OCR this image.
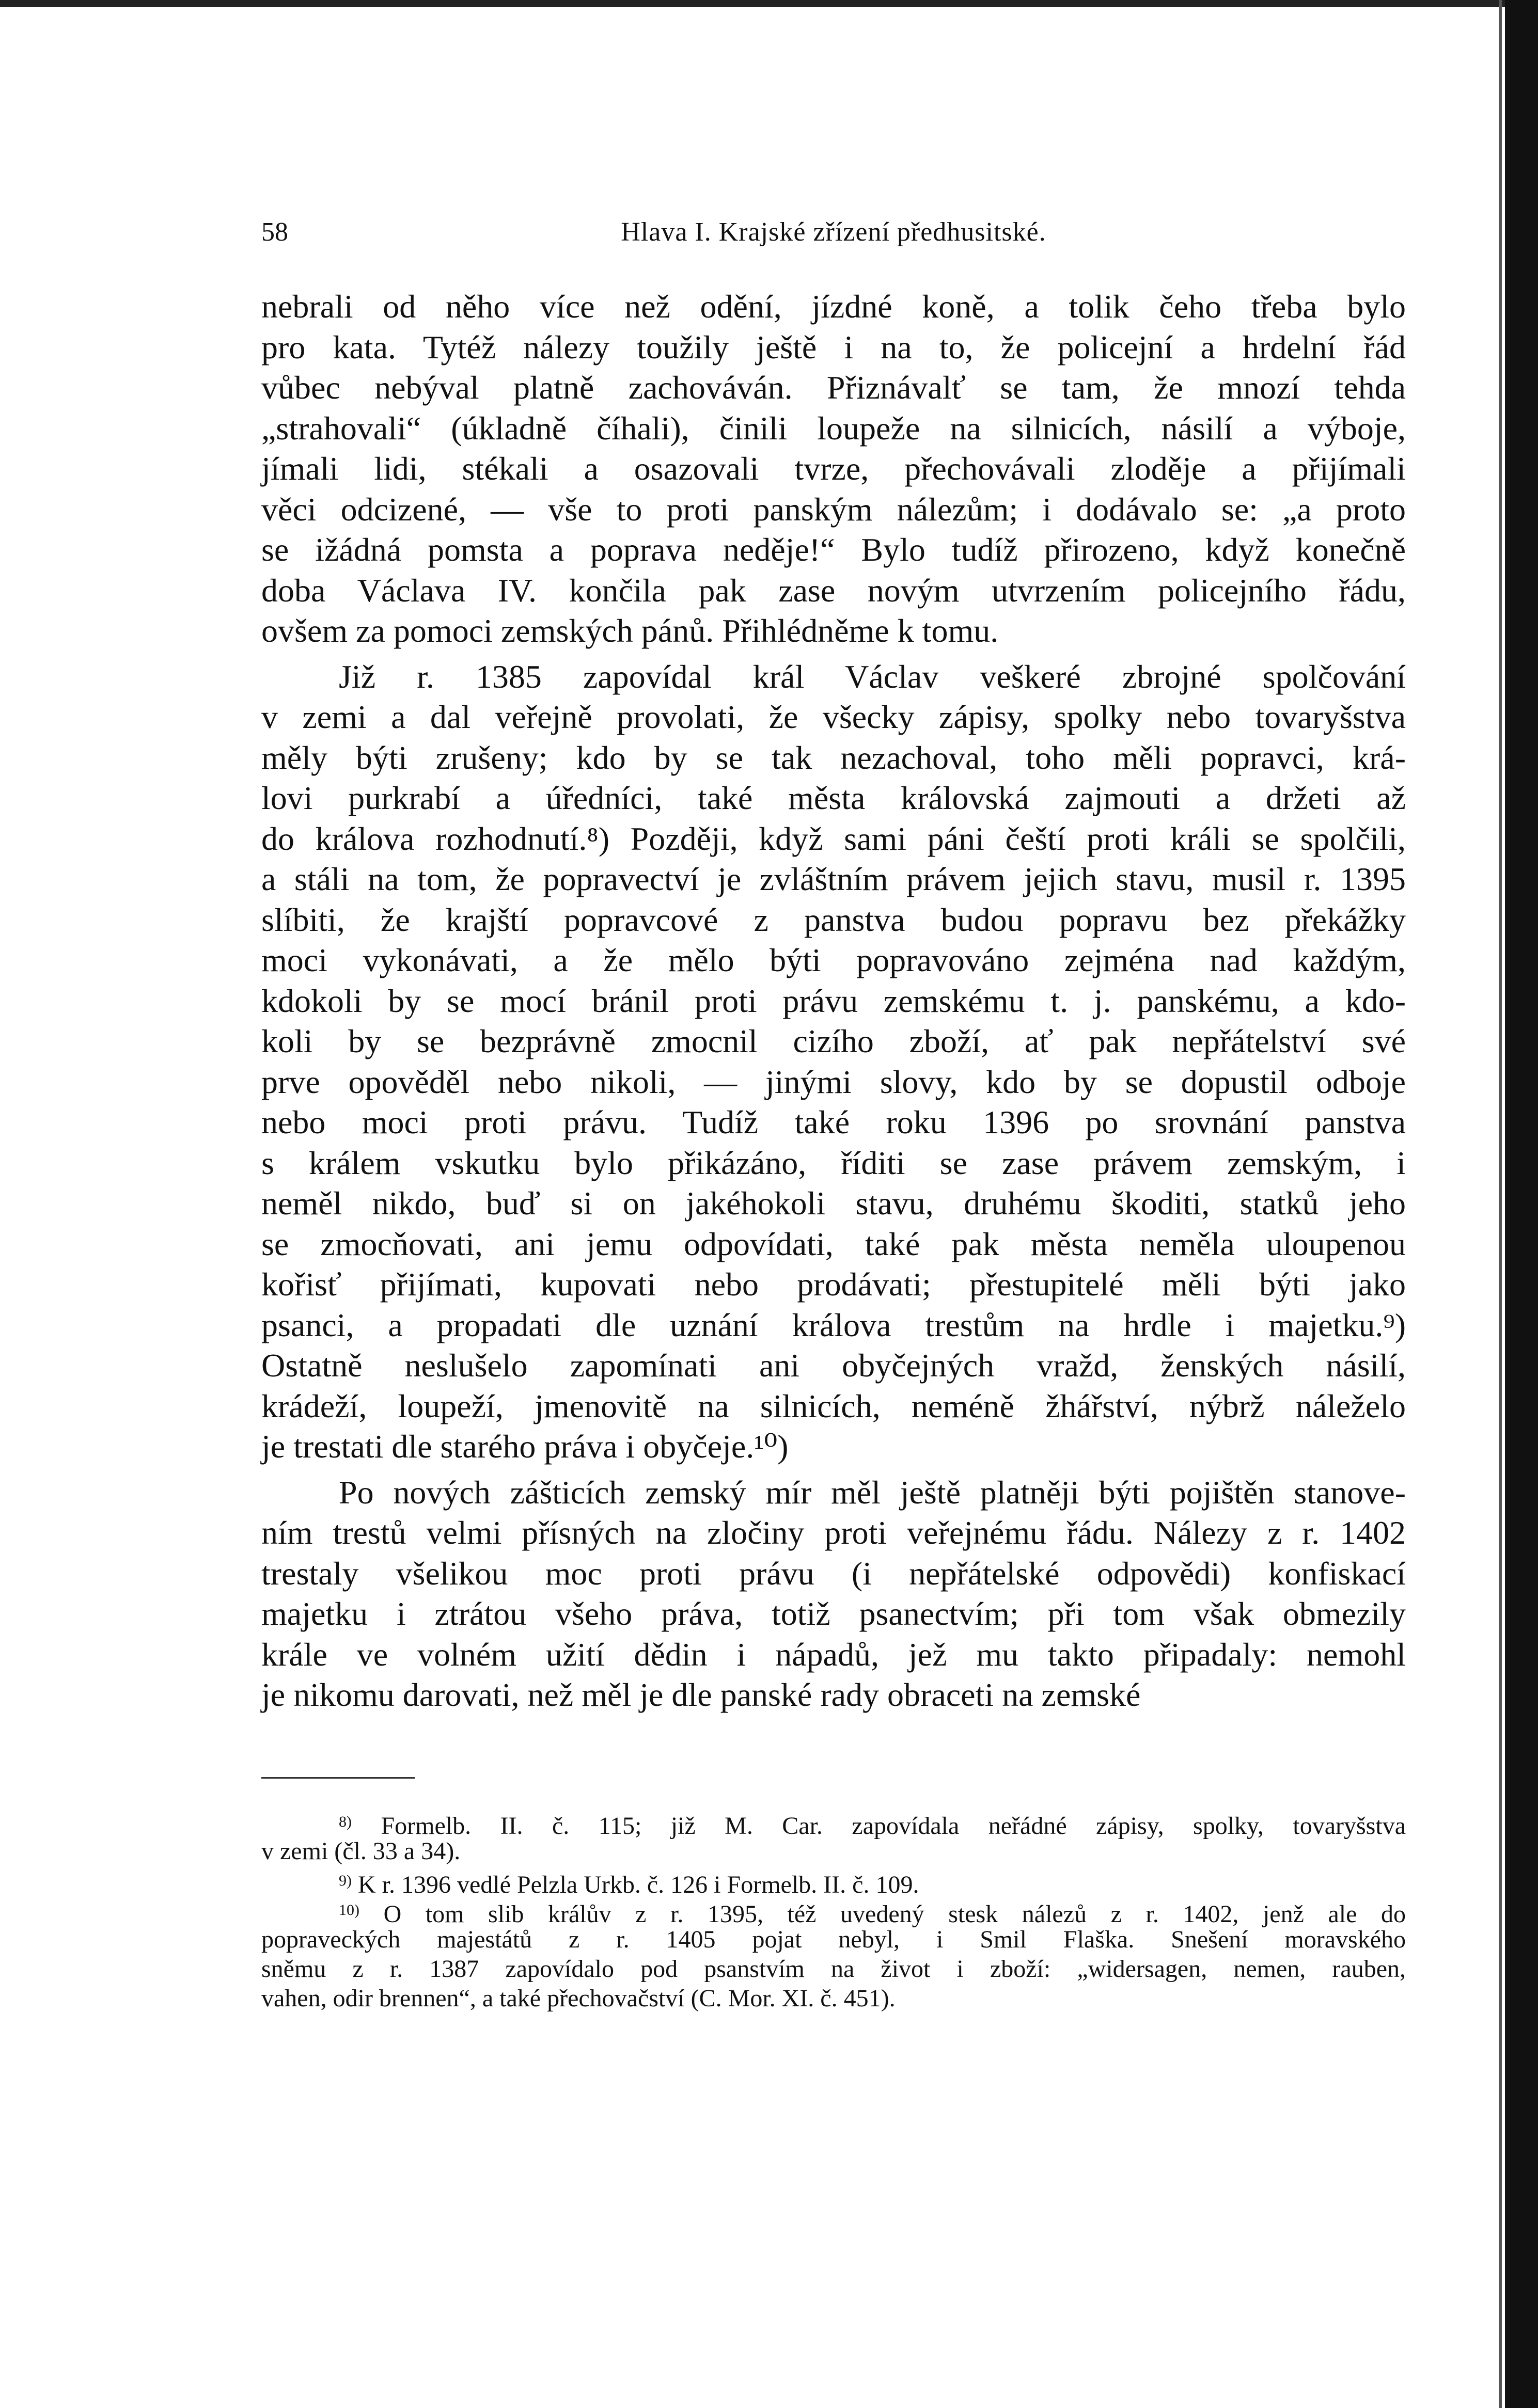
58	Hlava I. Krajské zřízení předhusitské.
nebrali od něho více než odění, jízdné koně, a tolik čeho třeba bylo
pro kata. Tytéž nálezy toužily ještě i na to, že policejní a hrdelní řád
vůbec nebýval platně zachováván. Přiznávalť se tam, že mnozí tehda
„strahovali“ (úkladně číhali), činili loupeže na silnicích, násilí a výboje,
jímali lidi, stékali a osazovali tvrze, přechovávali zloděje a přijímali
věci odcizené, — vše to proti panským nálezům; i dodávalo se: „a proto
se ižádná pomsta a poprava neděje!“ Bylo tudíž přirozeno, když konečně
doba Václava IV. končila pak zase novým utvrzením policejního řádu,
ovšem za pomoci zemských pánů. Přihlédněme k tomu.
Již r. 1385 zapovídal král Václav veškeré zbrojné spolčování
v zemi a dal veřejně provolati, že všecky zápisy, spolky nebo tovaryšstva
měly býti zrušeny; kdo by se tak nezachoval, toho měli popravci, krá-
lovi purkrabí a úředníci, také města královská zajmouti a držeti až
do králova rozhodnutí.⁸) Později, když sami páni čeští proti králi se spolčili,
a stáli na tom, že popravectví je zvláštním právem jejich stavu, musil r. 1395
slíbiti, že krajští popravcové z panstva budou popravu bez překážky
moci vykonávati, a že mělo býti popravováno zejména nad každým,
kdokoli by se mocí bránil proti právu zemskému t. j. panskému, a kdo-
koli by se bezprávně zmocnil cizího zboží, ať pak nepřátelství své
prve opověděl nebo nikoli, — jinými slovy, kdo by se dopustil odboje
nebo moci proti právu. Tudíž také roku 1396 po srovnání panstva
s králem vskutku bylo přikázáno, říditi se zase právem zemským, i
neměl nikdo, buď si on jakéhokoli stavu, druhému škoditi, statků jeho
se zmocňovati, ani jemu odpovídati, také pak města neměla uloupenou
kořisť přijímati, kupovati nebo prodávati; přestupitelé měli býti jako
psanci, a propadati dle uznání králova trestům na hrdle i majetku.⁹)
Ostatně neslušelo zapomínati ani obyčejných vražd, ženských násilí,
krádeží, loupeží, jmenovitě na silnicích, neméně žhářství, nýbrž náleželo
je trestati dle starého práva i obyčeje.¹⁰)
Po nových zášticích zemský mír měl ještě platněji býti pojištěn stanove-
ním trestů velmi přísných na zločiny proti veřejnému řádu. Nálezy z r. 1402
trestaly všelikou moc proti právu (i nepřátelské odpovědi) konfiskací
majetku i ztrátou všeho práva, totiž psanectvím; při tom však obmezily
krále ve volném užití dědin i nápadů, jež mu takto připadaly: nemohl
je nikomu darovati, než měl je dle panské rady obraceti na zemské
$^{8)}$ Formelb. II. č. 115; již M. Car. zapovídala neřádné zápisy, spolky, tovaryšstva
v zemi (čl. 33 a 34).
$^{9)}$ K r. 1396 vedlé Pelzla Urkb. č. 126 i Formelb. II. č. 109.
$^{10)}$ O tom slib králův z r. 1395, též uvedený stesk nálezů z r. 1402, jenž ale do
popraveckých majestátů z r. 1405 pojat nebyl, i Smil Flaška. Snešení moravského
sněmu z r. 1387 zapovídalo pod psanstvím na život i zboží: „widersagen, nemen, rauben,
vahen, odir brennen“, a také přechovačství (C. Mor. XI. č. 451).
